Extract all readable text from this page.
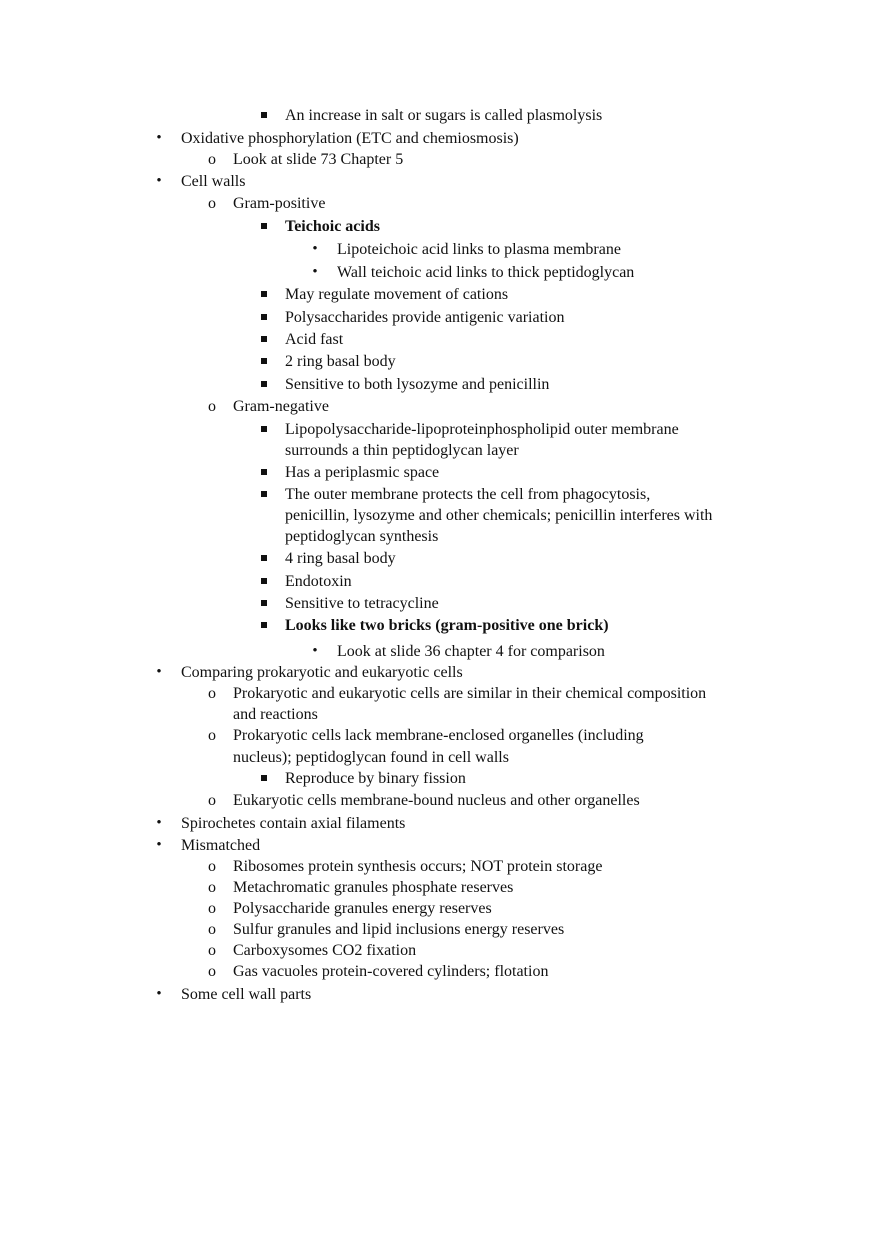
An increase in salt or sugars is called plasmolysis
• Oxidative phosphorylation (ETC and chemiosmosis)
o Look at slide 73 Chapter 5
• Cell walls
o Gram-positive
Teichoic acids
• Lipoteichoic acid links to plasma membrane
• Wall teichoic acid links to thick peptidoglycan
May regulate movement of cations
Polysaccharides provide antigenic variation
Acid fast
2 ring basal body
Sensitive to both lysozyme and penicillin
o Gram-negative
Lipopolysaccharide-lipoproteinphospholipid outer membrane
surrounds a thin peptidoglycan layer
Has a periplasmic space
The outer membrane protects the cell from phagocytosis,
penicillin, lysozyme and other chemicals; penicillin interferes with
peptidoglycan synthesis
4 ring basal body
Endotoxin
Sensitive to tetracycline
Looks like two bricks (gram-positive one brick)
• Look at slide 36 chapter 4 for comparison
• Comparing prokaryotic and eukaryotic cells
o Prokaryotic and eukaryotic cells are similar in their chemical composition
and reactions
o Prokaryotic cells lack membrane-enclosed organelles (including
nucleus); peptidoglycan found in cell walls
Reproduce by binary fission
o Eukaryotic cells membrane-bound nucleus and other organelles
• Spirochetes contain axial filaments
• Mismatched
o Ribosomes protein synthesis occurs; NOT protein storage
o Metachromatic granules phosphate reserves
o Polysaccharide granules energy reserves
o Sulfur granules and lipid inclusions energy reserves
o Carboxysomes CO2 fixation
o Gas vacuoles protein-covered cylinders; flotation
• Some cell wall parts
